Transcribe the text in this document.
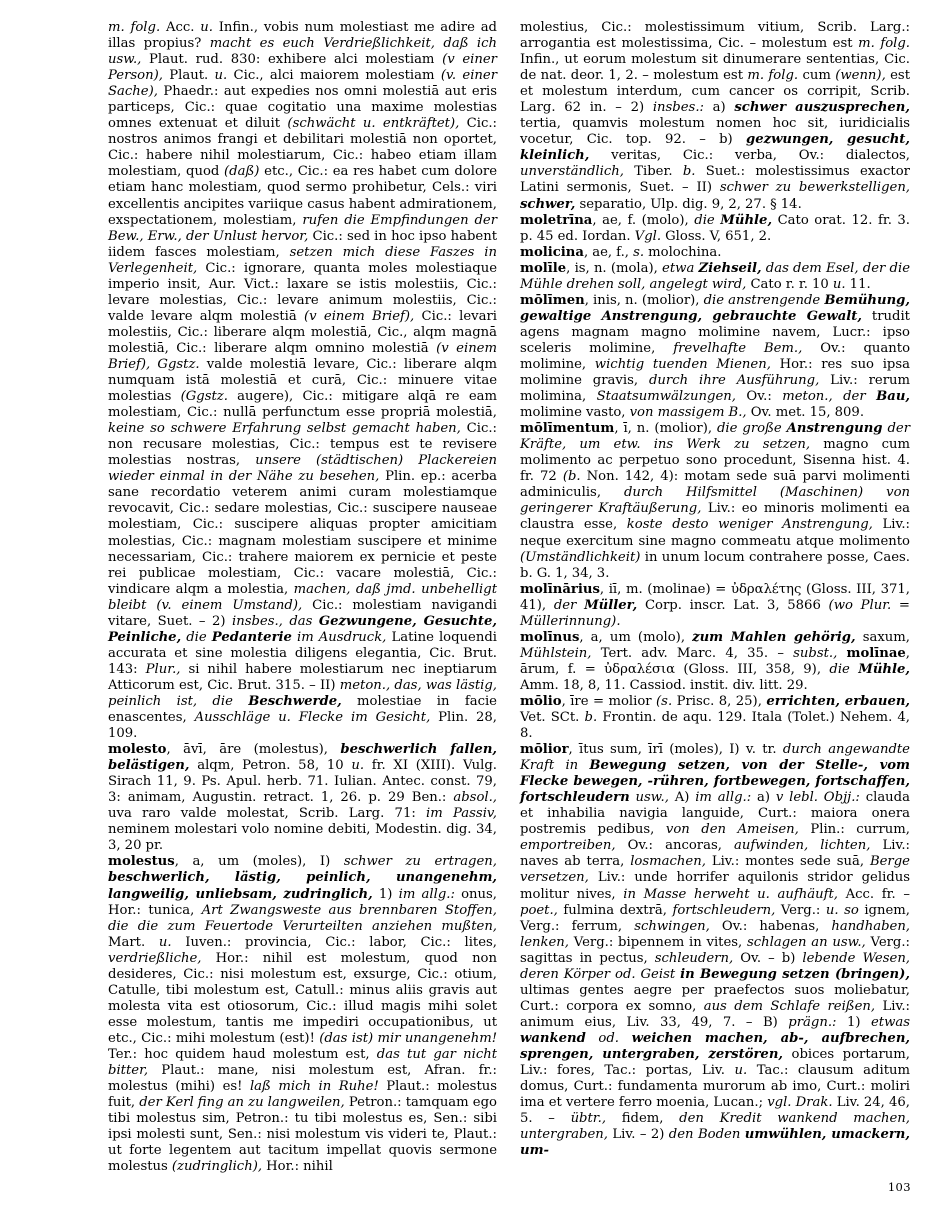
m. folg. Acc. u. Infin., vobis num molestiast me adire ad illas propius? macht es euch Verdrießlichkeit, daß ich usw., Plaut. rud. 830: exhibere alci molestiam (v einer Person), Plaut. u. Cic., alci maiorem molestiam (v. einer Sache), Phaedr.: aut expedies nos omni molestiā aut eris particeps, Cic.: quae cogitatio una maxime molestias omnes extenuat et diluit (schwächt u. entkräftet), Cic.: nostros animos frangi et debilitari molestiā non oportet, Cic.: habere nihil molestiarum, Cic.: habeo etiam illam molestiam, quod (daß) etc., Cic.: ea res habet cum dolore etiam hanc molestiam, quod sermo prohibetur, Cels.: viri excellentis ancipites variique casus habent admirationem, exspectationem, molestiam, rufen die Empfindungen der Bew., Erw., der Unlust hervor, Cic.: sed in hoc ipso habent iidem fasces molestiam, setzen mich diese Faszes in Verlegenheit, Cic.: ignorare, quanta moles molestiaque imperio insit, Aur. Vict.: laxare se istis molestiis, Cic.: levare molestias, Cic.: levare animum molestiis, Cic.: valde levare alqm molestiā (v einem Brief), Cic.: levari molestiis, Cic.: liberare alqm molestiā, Cic., alqm magnā molestiā, Cic.: liberare alqm omnino molestiā (v einem Brief), Ggstz. valde molestiā levare, Cic.: liberare alqm numquam istā molestiā et curā, Cic.: minuere vitae molestias (Ggstz. augere), Cic.: mitigare alqā re eam molestiam, Cic.: nullā perfunctum esse propriā molestiā, keine so schwere Erfahrung selbst gemacht haben, Cic.: non recusare molestias, Cic.: tempus est te revisere molestias nostras, unsere (städtischen) Plackereien wieder einmal in der Nähe zu besehen, Plin. ep.: acerba sane recordatio veterem animi curam molestiamque revocavit, Cic.: sedare molestias, Cic.: suscipere nauseae molestiam, Cic.: suscipere aliquas propter amicitiam molestias, Cic.: magnam molestiam suscipere et minime necessariam, Cic.: trahere maiorem ex pernicie et peste rei publicae molestiam, Cic.: vacare molestiā, Cic.: vindicare alqm a molestia, machen, daß jmd. unbehelligt bleibt (v. einem Umstand), Cic.: molestiam navigandi vitare, Suet. – 2) insbes., das Gezwungene, Gesuchte, Peinliche, die Pedanterie im Ausdruck, Latine loquendi accurata et sine molestia diligens elegantia, Cic. Brut. 143: Plur., si nihil habere molestiarum nec ineptiarum Atticorum est, Cic. Brut. 315. – II) meton., das, was lästig, peinlich ist, die Beschwerde, molestiae in facie enascentes, Ausschläge u. Flecke im Gesicht, Plin. 28, 109.

molesto, āvī, āre (molestus), beschwerlich fallen, belästigen, alqm, Petron. 58, 10 u. fr. XI (XIII). Vulg. Sirach 11, 9. Ps. Apul. herb. 71. Iulian. Antec. const. 79, 3: animam, Augustin. retract. 1, 26. p. 29 Ben.: absol., uva raro valde molestat, Scrib. Larg. 71: im Passiv, neminem molestari volo nomine debiti, Modestin. dig. 34, 3, 20 pr.

molestus, a, um (moles), I) schwer zu ertragen, beschwerlich, lästig, peinlich, unangenehm, langweilig, unliebsam, zudringlich, 1) im allg.: onus, Hor.: tunica, Art Zwangsweste aus brennbaren Stoffen, die die zum Feuertode Verurteilten anziehen mußten, Mart. u. Iuven.: provincia, Cic.: labor, Cic.: lites, verdrießliche, Hor.: nihil est molestum, quod non desideres, Cic.: nisi molestum est, exsurge, Cic.: otium, Catulle, tibi molestum est, Catull.: minus aliis gravis aut molesta vita est otiosorum, Cic.: illud magis mihi solet esse molestum, tantis me impediri occupationibus, ut etc., Cic.: mihi molestum (est)! (das ist) mir unangenehm! Ter.: hoc quidem haud molestum est, das tut gar nicht bitter, Plaut.: mane, nisi molestum est, Afran. fr.: molestus (mihi) es! laß mich in Ruhe! Plaut.: molestus fuit, der Kerl fing an zu langweilen, Petron.: tamquam ego tibi molestus sim, Petron.: tu tibi molestus es, Sen.: sibi ipsi molesti sunt, Sen.: nisi molestum vis videri te, Plaut.: ut forte legentem aut tacitum impellat quovis sermone molestus (zudringlich), Hor.: nihil

molestius, Cic.: molestissimum vitium, Scrib. Larg.: arrogantia est molestissima, Cic. – molestum est m. folg. Infin., ut eorum molestum sit dinumerare sententias, Cic. de nat. deor. 1, 2. – molestum est m. folg. cum (wenn), est et molestum interdum, cum cancer os corripit, Scrib. Larg. 62 in. – 2) insbes.: a) schwer auszusprechen, tertia, quamvis molestum nomen hoc sit, iuridicialis vocetur, Cic. top. 92. – b) gezwungen, gesucht, kleinlich, veritas, Cic.: verba, Ov.: dialectos, unverständlich, Tiber. b. Suet.: molestissimus exactor Latini sermonis, Suet. – II) schwer zu bewerkstelligen, schwer, separatio, Ulp. dig. 9, 2, 27. § 14.

moletrīna, ae, f. (molo), die Mühle, Cato orat. 12. fr. 3. p. 45 ed. Iordan. Vgl. Gloss. V, 651, 2.

molicina, ae, f., s. molochina.

molīle, is, n. (mola), etwa Ziehseil, das dem Esel, der die Mühle drehen soll, angelegt wird, Cato r. r. 10 u. 11.

mōlīmen, inis, n. (molior), die anstrengende Bemühung, gewaltige Anstrengung, gebrauchte Gewalt, trudit agens magnam magno molimine navem, Lucr.: ipso sceleris molimine, frevelhafte Bem., Ov.: quanto molimine, wichtig tuenden Mienen, Hor.: res suo ipsa molimine gravis, durch ihre Ausführung, Liv.: rerum molimina, Staatsumwälzungen, Ov.: meton., der Bau, molimine vasto, von massigem B., Ov. met. 15, 809.

mōlīmentum, ī, n. (molior), die große Anstrengung der Kräfte, um etw. ins Werk zu setzen, magno cum molimento ac perpetuo sono procedunt, Sisenna hist. 4. fr. 72 (b. Non. 142, 4): motam sede suā parvi molimenti adminiculis, durch Hilfsmittel (Maschinen) von geringerer Kraftäußerung, Liv.: eo minoris molimenti ea claustra esse, koste desto weniger Anstrengung, Liv.: neque exercitum sine magno commeatu atque molimento (Umständlichkeit) in unum locum contrahere posse, Caes. b. G. 1, 34, 3.

molīnārius, iī, m. (molinae) = ὐδραλέτης (Gloss. III, 371, 41), der Müller, Corp. inscr. Lat. 3, 5866 (wo Plur. = Müllerinnung).

molīnus, a, um (molo), zum Mahlen gehörig, saxum, Mühlstein, Tert. adv. Marc. 4, 35. – subst., molīnae, ārum, f. = ὐδραλέσια (Gloss. III, 358, 9), die Mühle, Amm. 18, 8, 11. Cassiod. instit. div. litt. 29.

mōlio, īre = molior (s. Prisc. 8, 25), errichten, erbauen, Vet. SCt. b. Frontin. de aqu. 129. Itala (Tolet.) Nehem. 4, 8.

mōlior, ītus sum, īrī (moles), I) v. tr. durch angewandte Kraft in Bewegung setzen, von der Stelle-, vom Flecke bewegen, -rühren, fortbewegen, fortschaffen, fortschleudern usw., A) im allg.: a) v lebl. Objj.: clauda et inhabilia navigia languide, Curt.: maiora onera postremis pedibus, von den Ameisen, Plin.: currum, emportreiben, Ov.: ancoras, aufwinden, lichten, Liv.: naves ab terra, losmachen, Liv.: montes sede suā, Berge versetzen, Liv.: unde horrifer aquilonis stridor gelidus molitur nives, in Masse herweht u. aufhäuft, Acc. fr. – poet., fulmina dextrā, fortschleudern, Verg.: u. so ignem, Verg.: ferrum, schwingen, Ov.: habenas, handhaben, lenken, Verg.: bipennem in vites, schlagen an usw., Verg.: sagittas in pectus, schleudern, Ov. – b) lebende Wesen, deren Körper od. Geist in Bewegung setzen (bringen), ultimas gentes aegre per praefectos suos moliebatur, Curt.: corpora ex somno, aus dem Schlafe reißen, Liv.: animum eius, Liv. 33, 49, 7. – B) prägn.: 1) etwas wankend od. weichen machen, ab-, aufbrechen, sprengen, untergraben, zerstören, obices portarum, Liv.: fores, Tac.: portas, Liv. u. Tac.: clausum aditum domus, Curt.: fundamenta murorum ab imo, Curt.: moliri ima et vertere ferro moenia, Lucan.; vgl. Drak. Liv. 24, 46, 5. – übtr., fidem, den Kredit wankend machen, untergraben, Liv. – 2) den Boden umwühlen, umackern, um-

103
